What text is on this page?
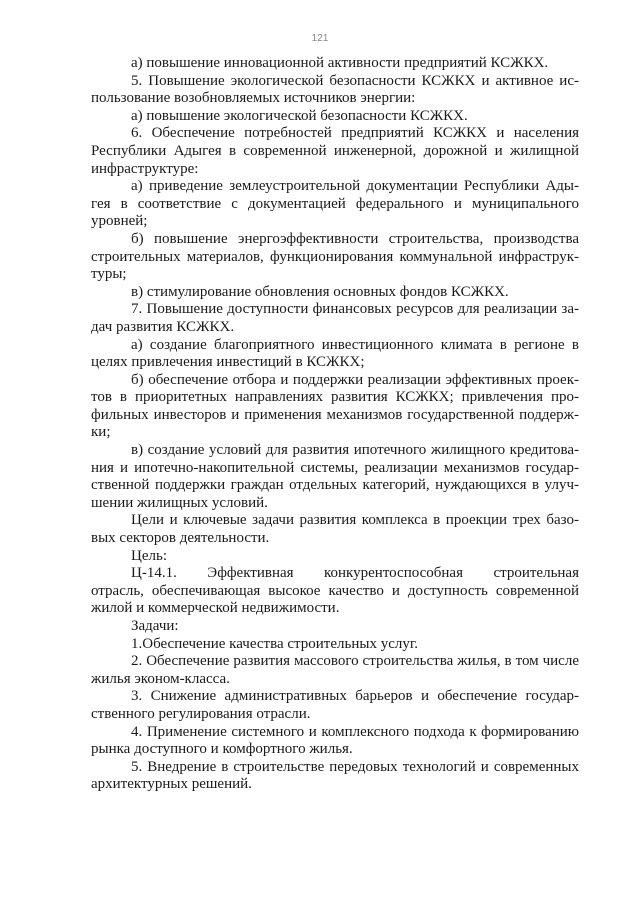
121

а) повышение инновационной активности предприятий КСЖКХ.

5. Повышение экологической безопасности КСЖКХ и активное использование возобновляемых источников энергии:

а) повышение экологической безопасности КСЖКХ.

6. Обеспечение потребностей предприятий КСЖКХ и населения Республики Адыгея в современной инженерной, дорожной и жилищной инфраструктуре:

а) приведение землеустроительной документации Республики Адыгея в соответствие с документацией федерального и муниципального уровней;

б) повышение энергоэффективности строительства, производства строительных материалов, функционирования коммунальной инфраструктуры;

в) стимулирование обновления основных фондов КСЖКХ.

7. Повышение доступности финансовых ресурсов для реализации задач развития КСЖКХ.

а) создание благоприятного инвестиционного климата в регионе в целях привлечения инвестиций в КСЖКХ;

б) обеспечение отбора и поддержки реализации эффективных проектов в приоритетных направлениях развития КСЖКХ; привлечения профильных инвесторов и применения механизмов государственной поддержки;

в) создание условий для развития ипотечного жилищного кредитования и ипотечно-накопительной системы, реализации механизмов государственной поддержки граждан отдельных категорий, нуждающихся в улучшении жилищных условий.

Цели и ключевые задачи развития комплекса в проекции трех базовых секторов деятельности.

Цель:

Ц-14.1. Эффективная конкурентоспособная строительная

отрасль, обеспечивающая высокое качество и доступность современной жилой и коммерческой недвижимости.

Задачи:

1.Обеспечение качества строительных услуг.

2. Обеспечение развития массового строительства жилья, в том числе жилья эконом-класса.

3. Снижение административных барьеров и обеспечение государственного регулирования отрасли.

4. Применение системного и комплексного подхода к формированию рынка доступного и комфортного жилья.

5. Внедрение в строительстве передовых технологий и современных архитектурных решений.
